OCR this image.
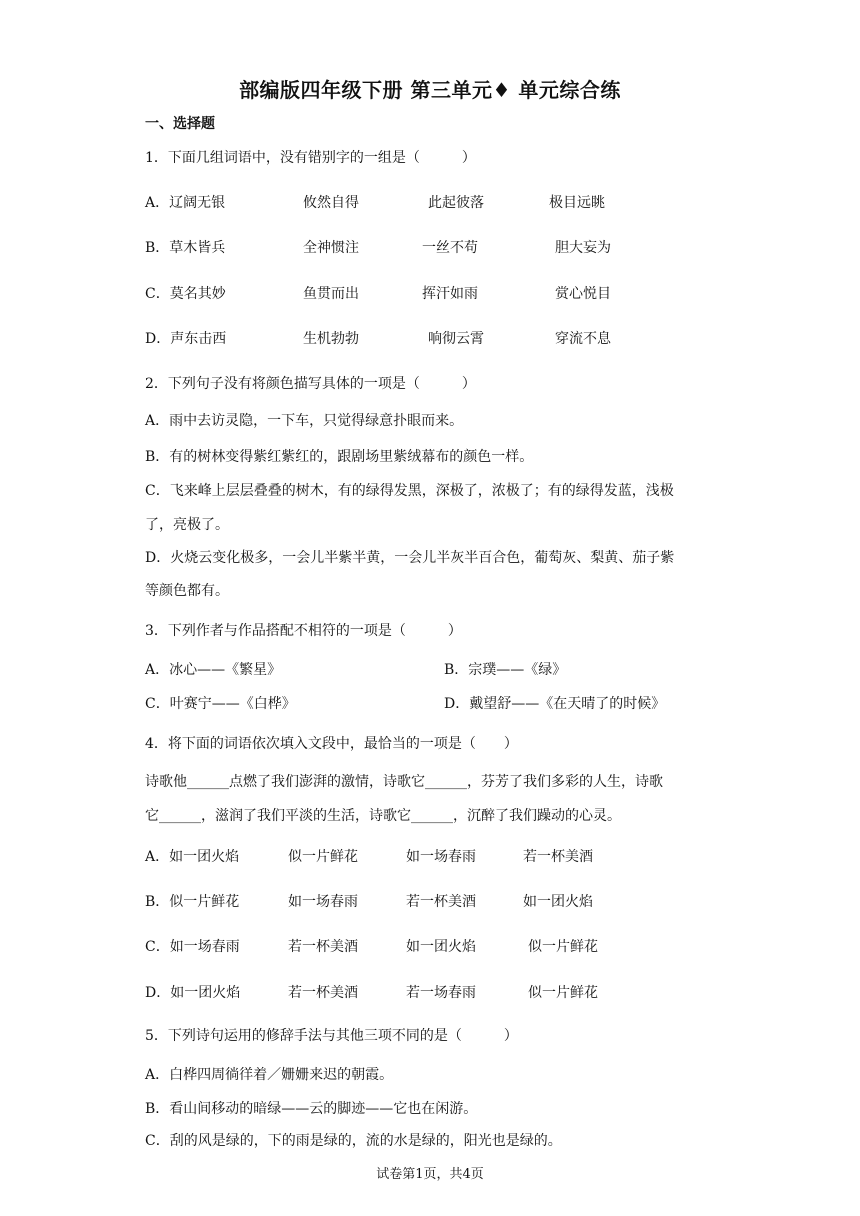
部编版四年级下册 第三单元♦ 单元综合练
一、选择题
1．下面几组词语中，没有错别字的一组是（　　　）
A．辽阔无银	攸然自得	此起彼落	极目远眺
B．草木皆兵	全神惯注	一丝不苟	胆大妄为
C．莫名其妙	鱼贯而出	挥汗如雨	赏心悦目
D．声东击西	生机勃勃	响彻云霄	穿流不息
2．下列句子没有将颜色描写具体的一项是（　　　）
A．雨中去访灵隐，一下车，只觉得绿意扑眼而来。
B．有的树林变得紫红紫红的，跟剧场里紫绒幕布的颜色一样。
C．飞来峰上层层叠叠的树木，有的绿得发黑，深极了，浓极了；有的绿得发蓝，浅极
了，亮极了。
D．火烧云变化极多，一会儿半紫半黄，一会儿半灰半百合色，葡萄灰、梨黄、茄子紫
等颜色都有。
3．下列作者与作品搭配不相符的一项是（　　　）
A．冰心——《繁星》	B．宗璞——《绿》
C．叶赛宁——《白桦》	D．戴望舒——《在天晴了的时候》
4．将下面的词语依次填入文段中，最恰当的一项是（　　）
诗歌他______点燃了我们澎湃的激情，诗歌它______，芬芳了我们多彩的人生，诗歌
它______，滋润了我们平淡的生活，诗歌它______，沉醉了我们躁动的心灵。
A．如一团火焰	似一片鲜花	如一场春雨	若一杯美酒
B．似一片鲜花	如一场春雨	若一杯美酒	如一团火焰
C．如一场春雨	若一杯美酒	如一团火焰	似一片鲜花
D．如一团火焰	若一杯美酒	若一场春雨	似一片鲜花
5．下列诗句运用的修辞手法与其他三项不同的是（　　　）
A．白桦四周徜徉着／姗姗来迟的朝霞。
B．看山间移动的暗绿——云的脚迹——它也在闲游。
C．刮的风是绿的，下的雨是绿的，流的水是绿的，阳光也是绿的。
试卷第1页，共4页
